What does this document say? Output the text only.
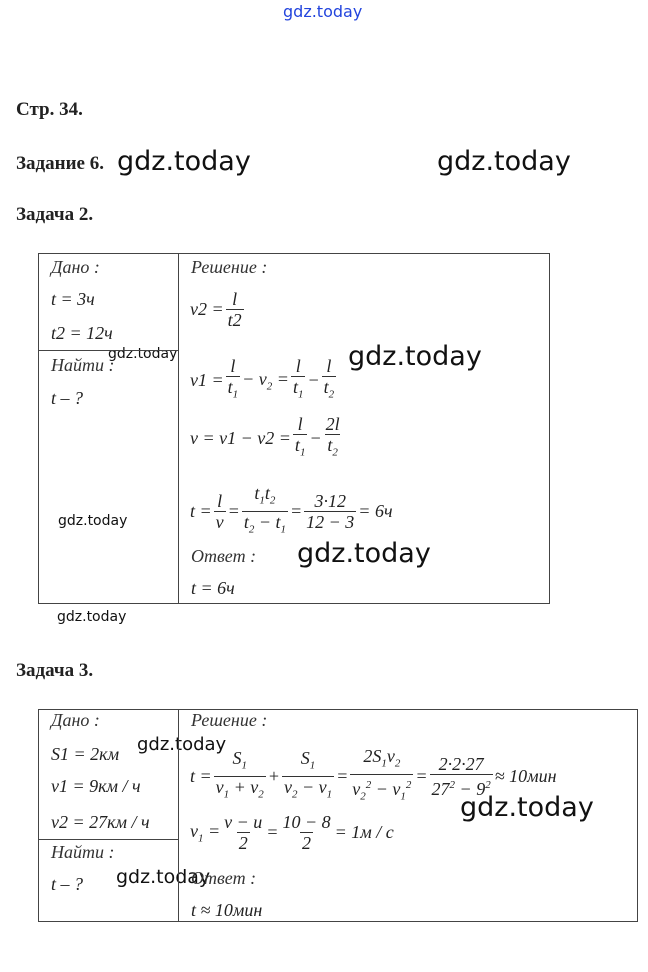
gdz.today
gdz.today	gdz.today
gdz.today	gdz.today
gdz.today
gdz.today
gdz.today
gdz.today
gdz.today
gdz.today
Стр. 34.
Задание 6.
Задача 2.
Задача 3.
Дано :
t = 3ч
t2 = 12ч
Найти :
t – ?
Решение :
$v2 = \frac{l}{t2}$
$v1 = \frac{l}{t_1} - v_2 = \frac{l}{t_1} - \frac{l}{t_2}$
$v = v1 - v2 = \frac{l}{t_1} - \frac{2l}{t_2}$
$t = \frac{l}{v} = \frac{t_1t_2}{t_2 - t_1} = \frac{3\cdot 12}{12 - 3} = 6ч$
Ответ :
t = 6ч
Дано :
S1 = 2км
v1 = 9км / ч
v2 = 27км / ч
Найти :
t – ?
Решение :
$t = \frac{S_1}{v_1 + v_2} + \frac{S_1}{v_2 - v_1} = \frac{2S_1v_2}{v_2^2 - v_1^2} = \frac{2\cdot 2\cdot 27}{27^2 - 9^2} \approx 10мин$
$v_1 = \frac{v - u}{2} = \frac{10 - 8}{2} = 1м / с$
Ответ :
t ≈ 10мин
